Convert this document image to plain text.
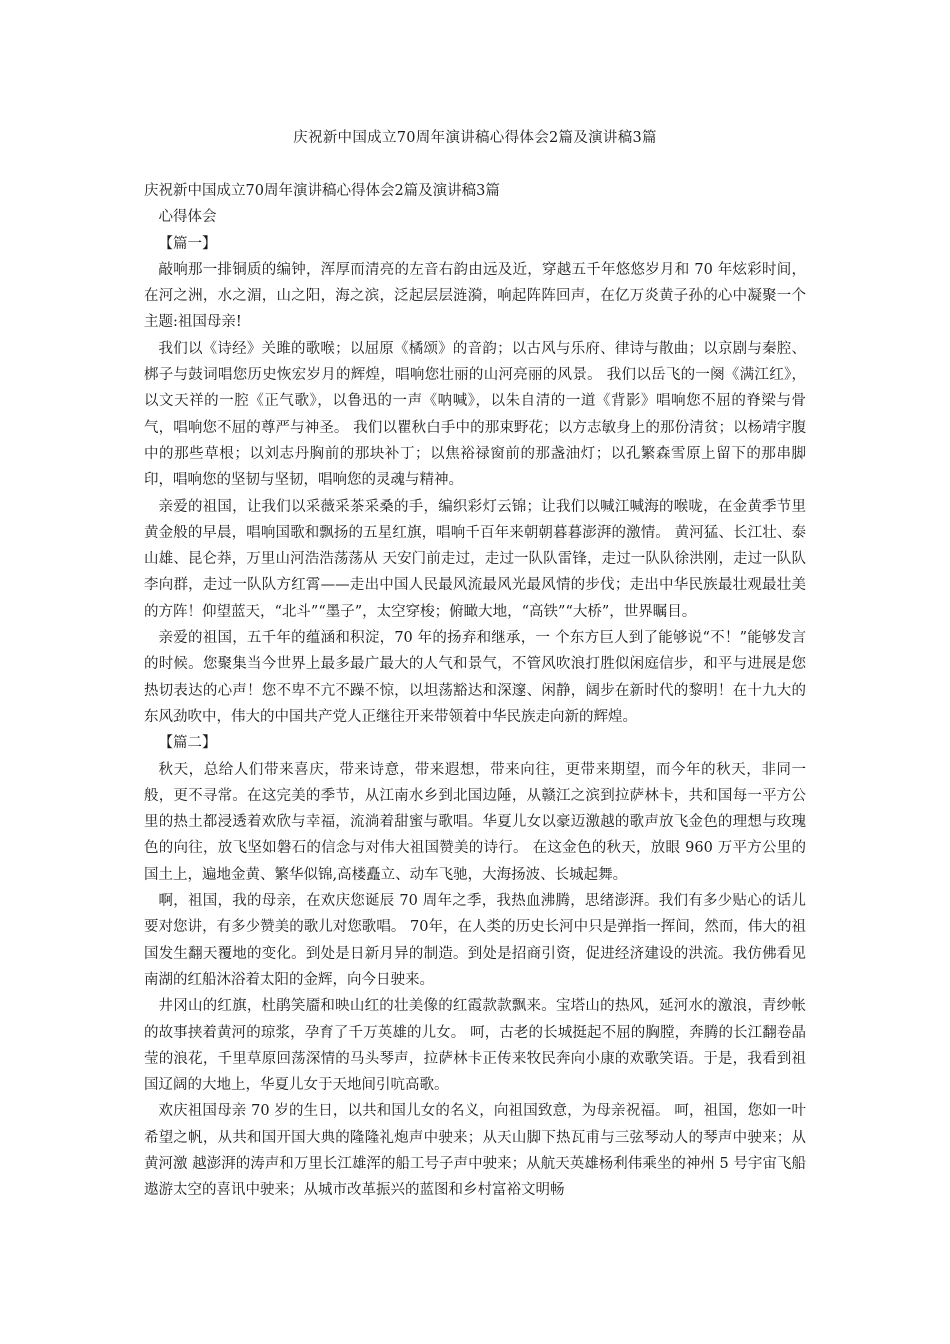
庆祝新中国成立70周年演讲稿心得体会2篇及演讲稿3篇

庆祝新中国成立70周年演讲稿心得体会2篇及演讲稿3篇

心得体会

【篇一】

敲响那一排铜质的编钟，浑厚而清亮的左音右韵由远及近，穿越五千年悠悠岁月和 70 年炫彩时间，在河之洲，水之湄，山之阳，海之滨，泛起层层涟漪，响起阵阵回声，在亿万炎黄子孙的心中凝聚一个主题:祖国母亲!

我们以《诗经》关雎的歌喉；以屈原《橘颂》的音韵；以古风与乐府、律诗与散曲；以京剧与秦腔、梆子与鼓词唱您历史恢宏岁月的辉煌，唱响您壮丽的山河亮丽的风景。 我们以岳飞的一阕《满江红》，以文天祥的一腔《正气歌》，以鲁迅的一声《呐喊》，以朱自清的一道《背影》唱响您不屈的脊梁与骨气，唱响您不屈的尊严与神圣。 我们以瞿秋白手中的那束野花；以方志敏身上的那份清贫；以杨靖宇腹中的那些草根；以刘志丹胸前的那块补丁；以焦裕禄窗前的那盏油灯；以孔繁森雪原上留下的那串脚印，唱响您的坚韧与坚韧，唱响您的灵魂与精神。

亲爱的祖国，让我们以采薇采茶采桑的手，编织彩灯云锦；让我们以喊江喊海的喉咙，在金黄季节里黄金般的早晨，唱响国歌和飘扬的五星红旗，唱响千百年来朝朝暮暮澎湃的激情。 黄河猛、长江壮、泰山雄、昆仑莽，万里山河浩浩荡荡从 天安门前走过，走过一队队雷锋，走过一队队徐洪刚，走过一队队李向群，走过一队队方红霄——走出中国人民最风流最风光最风情的步伐；走出中华民族最壮观最壮美的方阵！仰望蓝天，“北斗”“墨子”，太空穿梭；俯瞰大地，“高铁”“大桥”，世界瞩目。

亲爱的祖国，五千年的蕴涵和积淀，70 年的扬弃和继承，一 个东方巨人到了能够说“不！”能够发言的时候。您聚集当今世界上最多最广最大的人气和景气，不管风吹浪打胜似闲庭信步，和平与进展是您热切表达的心声！您不卑不亢不躁不惊，以坦荡豁达和深邃、闲静，阔步在新时代的黎明！在十九大的东风劲吹中，伟大的中国共产党人正继往开来带领着中华民族走向新的辉煌。

【篇二】

秋天，总给人们带来喜庆，带来诗意，带来遐想，带来向往，更带来期望，而今年的秋天，非同一般，更不寻常。在这完美的季节，从江南水乡到北国边陲，从赣江之滨到拉萨林卡，共和国每一平方公里的热土都浸透着欢欣与幸福，流淌着甜蜜与歌唱。华夏儿女以豪迈激越的歌声放飞金色的理想与玫瑰色的向往，放飞坚如磐石的信念与对伟大祖国赞美的诗行。 在这金色的秋天，放眼 960 万平方公里的国土上，遍地金黄、繁华似锦,高楼矗立、动车飞驰，大海扬波、长城起舞。

啊，祖国，我的母亲，在欢庆您诞辰 70 周年之季，我热血沸腾，思绪澎湃。我们有多少贴心的话儿要对您讲，有多少赞美的歌儿对您歌唱。 70年，在人类的历史长河中只是弹指一挥间，然而，伟大的祖国发生翻天覆地的变化。到处是日新月异的制造。到处是招商引资，促进经济建设的洪流。我仿佛看见南湖的红船沐浴着太阳的金辉，向今日驶来。

井冈山的红旗，杜鹃笑靥和映山红的壮美像的红霞款款飘来。宝塔山的热风，延河水的激浪，青纱帐的故事挟着黄河的琼浆，孕育了千万英雄的儿女。 呵，古老的长城挺起不屈的胸膛，奔腾的长江翻卷晶莹的浪花，千里草原回荡深情的马头琴声，拉萨林卡正传来牧民奔向小康的欢歌笑语。于是，我看到祖国辽阔的大地上，华夏儿女于天地间引吭高歌。

欢庆祖国母亲 70 岁的生日，以共和国儿女的名义，向祖国致意，为母亲祝福。 呵，祖国，您如一叶希望之帆，从共和国开国大典的隆隆礼炮声中驶来；从天山脚下热瓦甫与三弦琴动人的琴声中驶来；从黄河激 越澎湃的涛声和万里长江雄浑的船工号子声中驶来；从航天英雄杨利伟乘坐的神州 5 号宇宙飞船遨游太空的喜讯中驶来；从城市改革振兴的蓝图和乡村富裕文明畅
